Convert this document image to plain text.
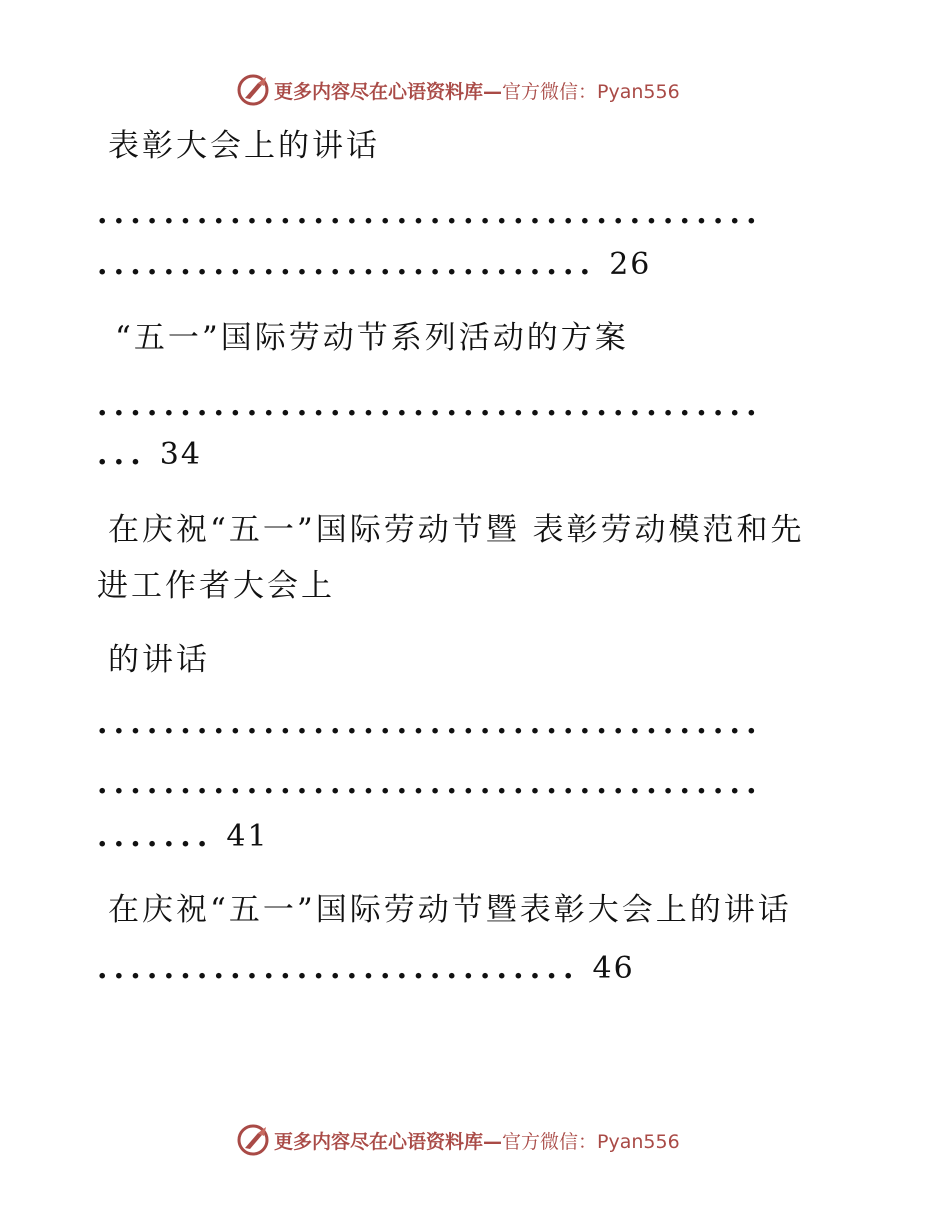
更多内容尽在心语资料库— 官方微信：Pyan556
表彰大会上的讲话
........................................
.............................. 26
“五一”国际劳动节系列活动的方案
........................................
... 34
在庆祝“五一”国际劳动节暨 表彰劳动模范和先
进工作者大会上
的讲话
........................................
........................................
....... 41
在庆祝“五一”国际劳动节暨表彰大会上的讲话
............................. 46
更多内容尽在心语资料库— 官方微信：Pyan556
